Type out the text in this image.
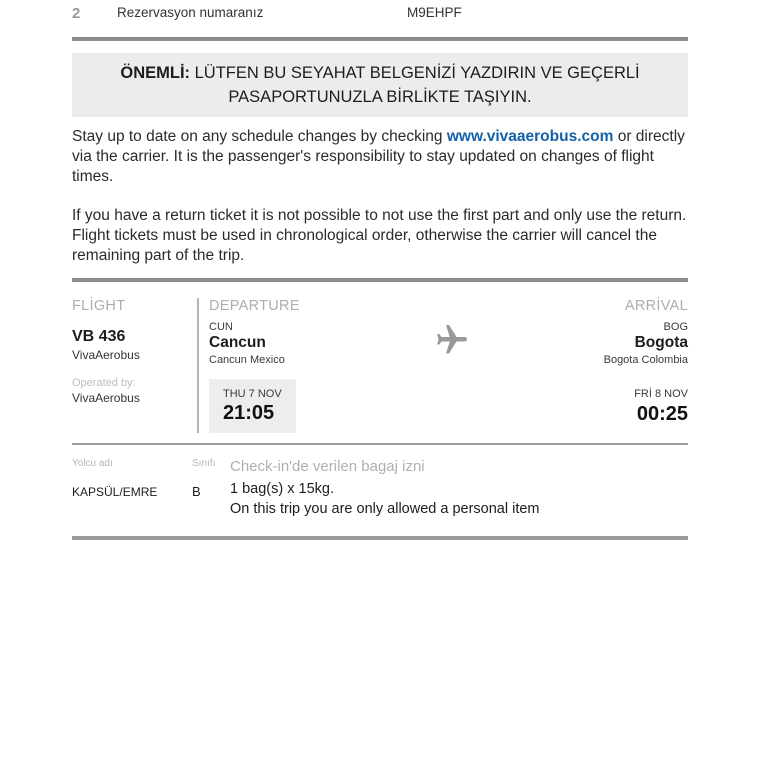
2	Rezervasyon numaranız	M9EHPF
ÖNEMLİ: LÜTFEN BU SEYAHAT BELGENİZİ YAZDIRIN VE GEÇERLİ PASAPORTUNUZLA BİRLİKTE TAŞIYIN.

Stay up to date on any schedule changes by checking www.vivaaerobus.com or directly via the carrier. It is the passenger's responsibility to stay updated on changes of flight times.

If you have a return ticket it is not possible to not use the first part and only use the return. Flight tickets must be used in chronological order, otherwise the carrier will cancel the remaining part of the trip.

FLİGHT
VB 436
VivaAerobus
Operated by:
VivaAerobus
DEPARTURE
CUN
Cancun
Cancun Mexico
THU 7 NOV
21:05
ARRİVAL
BOG
Bogota
Bogota Colombia
FRİ 8 NOV
00:25
Yolcu adı
KAPSÜL/EMRE
Sınıfı
B
Check-in'de verilen bagaj izni
1 bag(s) x 15kg.
On this trip you are only allowed a personal item
